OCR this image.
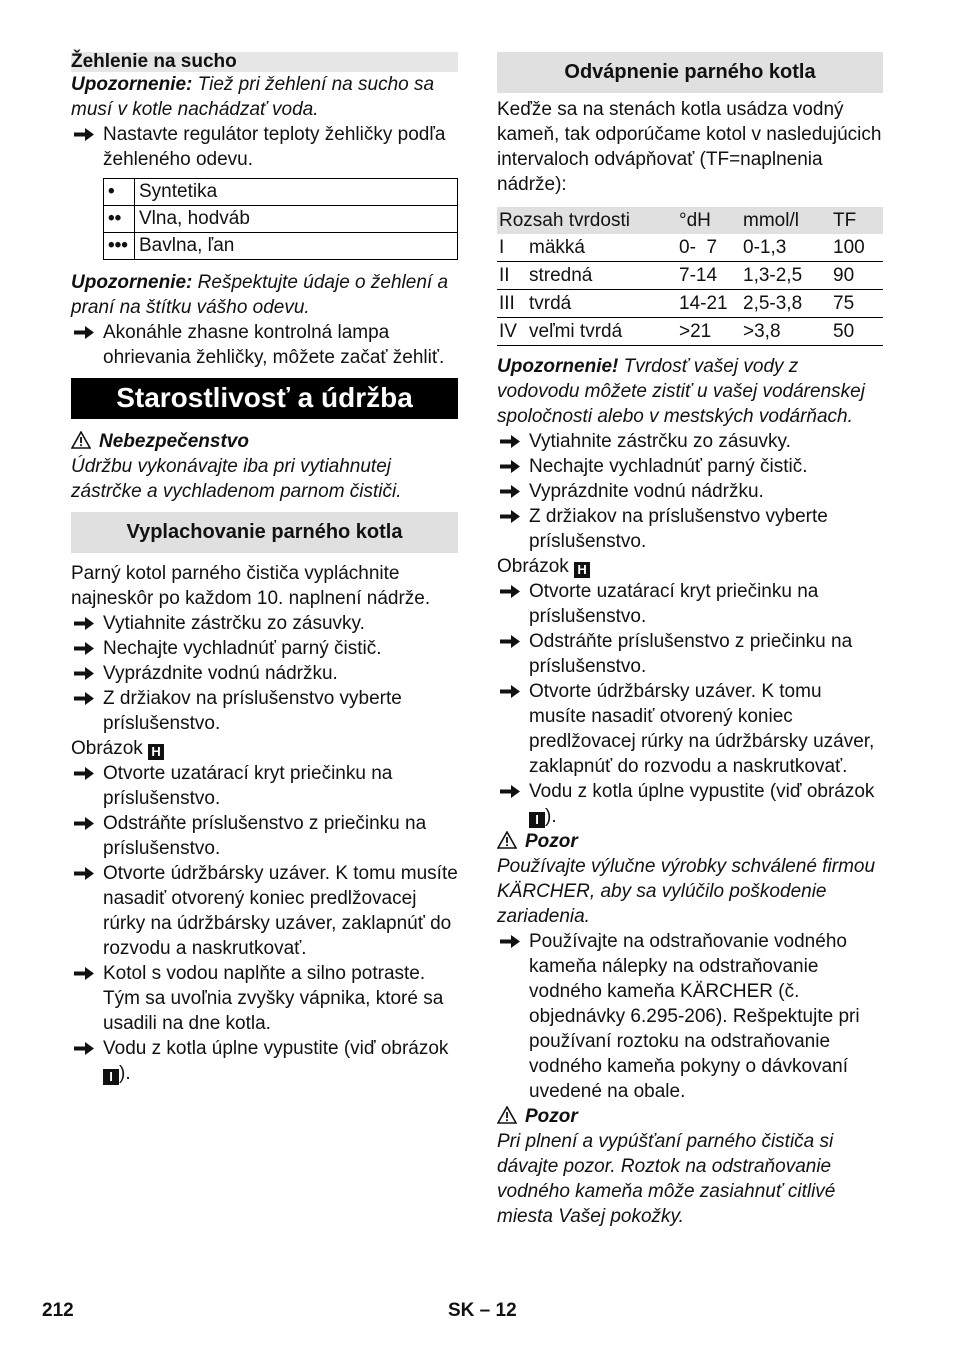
Žehlenie na sucho

Upozornenie: Tiež pri žehlení na sucho sa musí v kotle nachádzať voda.

Nastavte regulátor teploty žehličky podľa žehleného odevu.

•	Syntetika
••	Vlna, hodváb
•••	Bavlna, ľan

Upozornenie: Rešpektujte údaje o žehlení a praní na štítku vášho odevu.

Akonáhle zhasne kontrolná lampa ohrievania žehličky, môžete začať žehliť.

Starostlivosť a údržba

Nebezpečenstvo

Údržbu vykonávajte iba pri vytiahnutej zástrčke a vychladenom parnom čističi.

Vyplachovanie parného kotla

Parný kotol parného čističa vypláchnite najneskôr po každom 10. naplnení nádrže.

Vytiahnite zástrčku zo zásuvky.

Nechajte vychladnúť parný čistič.

Vyprázdnite vodnú nádržku.

Z držiakov na príslušenstvo vyberte príslušenstvo.

Obrázok H

Otvorte uzatárací kryt priečinku na príslušenstvo.

Odstráňte príslušenstvo z priečinku na príslušenstvo.

Otvorte údržbársky uzáver. K tomu musíte nasadiť otvorený koniec predlžovacej rúrky na údržbársky uzáver, zaklapnúť do rozvodu a naskrutkovať.

Kotol s vodou naplňte a silno potraste. Tým sa uvoľnia zvyšky vápnika, ktoré sa usadili na dne kotla.

Vodu z kotla úplne vypustite (viď obrázok I ).

Odvápnenie parného kotla

Keďže sa na stenách kotla usádza vodný kameň, tak odporúčame kotol v nasledujúcich intervaloch odvápňovať (TF=naplnenia nádrže):

Rozsah tvrdosti		°dH	mmol/l	TF
I	mäkká	0-  7	0-1,3	100
II	stredná	7-14	1,3-2,5	90
III	tvrdá	14-21	2,5-3,8	75
IV	veľmi tvrdá	>21	>3,8	50

Upozornenie! Tvrdosť vašej vody z vodovodu môžete zistiť u vašej vodárenskej spoločnosti alebo v mestských vodárňach.

Vytiahnite zástrčku zo zásuvky.

Nechajte vychladnúť parný čistič.

Vyprázdnite vodnú nádržku.

Z držiakov na príslušenstvo vyberte príslušenstvo.

Obrázok H

Otvorte uzatárací kryt priečinku na príslušenstvo.

Odstráňte príslušenstvo z priečinku na príslušenstvo.

Otvorte údržbársky uzáver. K tomu musíte nasadiť otvorený koniec predlžovacej rúrky na údržbársky uzáver, zaklapnúť do rozvodu a naskrutkovať.

Vodu z kotla úplne vypustite (viď obrázok I ).

Pozor

Používajte výlučne výrobky schválené firmou KÄRCHER, aby sa vylúčilo poškodenie zariadenia.

Používajte na odstraňovanie vodného kameňa nálepky na odstraňovanie vodného kameňa KÄRCHER (č. objednávky 6.295-206). Rešpektujte pri používaní roztoku na odstraňovanie vodného kameňa pokyny o dávkovaní uvedené na obale.

Pozor

Pri plnení a vypúšťaní parného čističa si dávajte pozor. Roztok na odstraňovanie vodného kameňa môže zasiahnuť citlivé miesta Vašej pokožky.

212	SK – 12
